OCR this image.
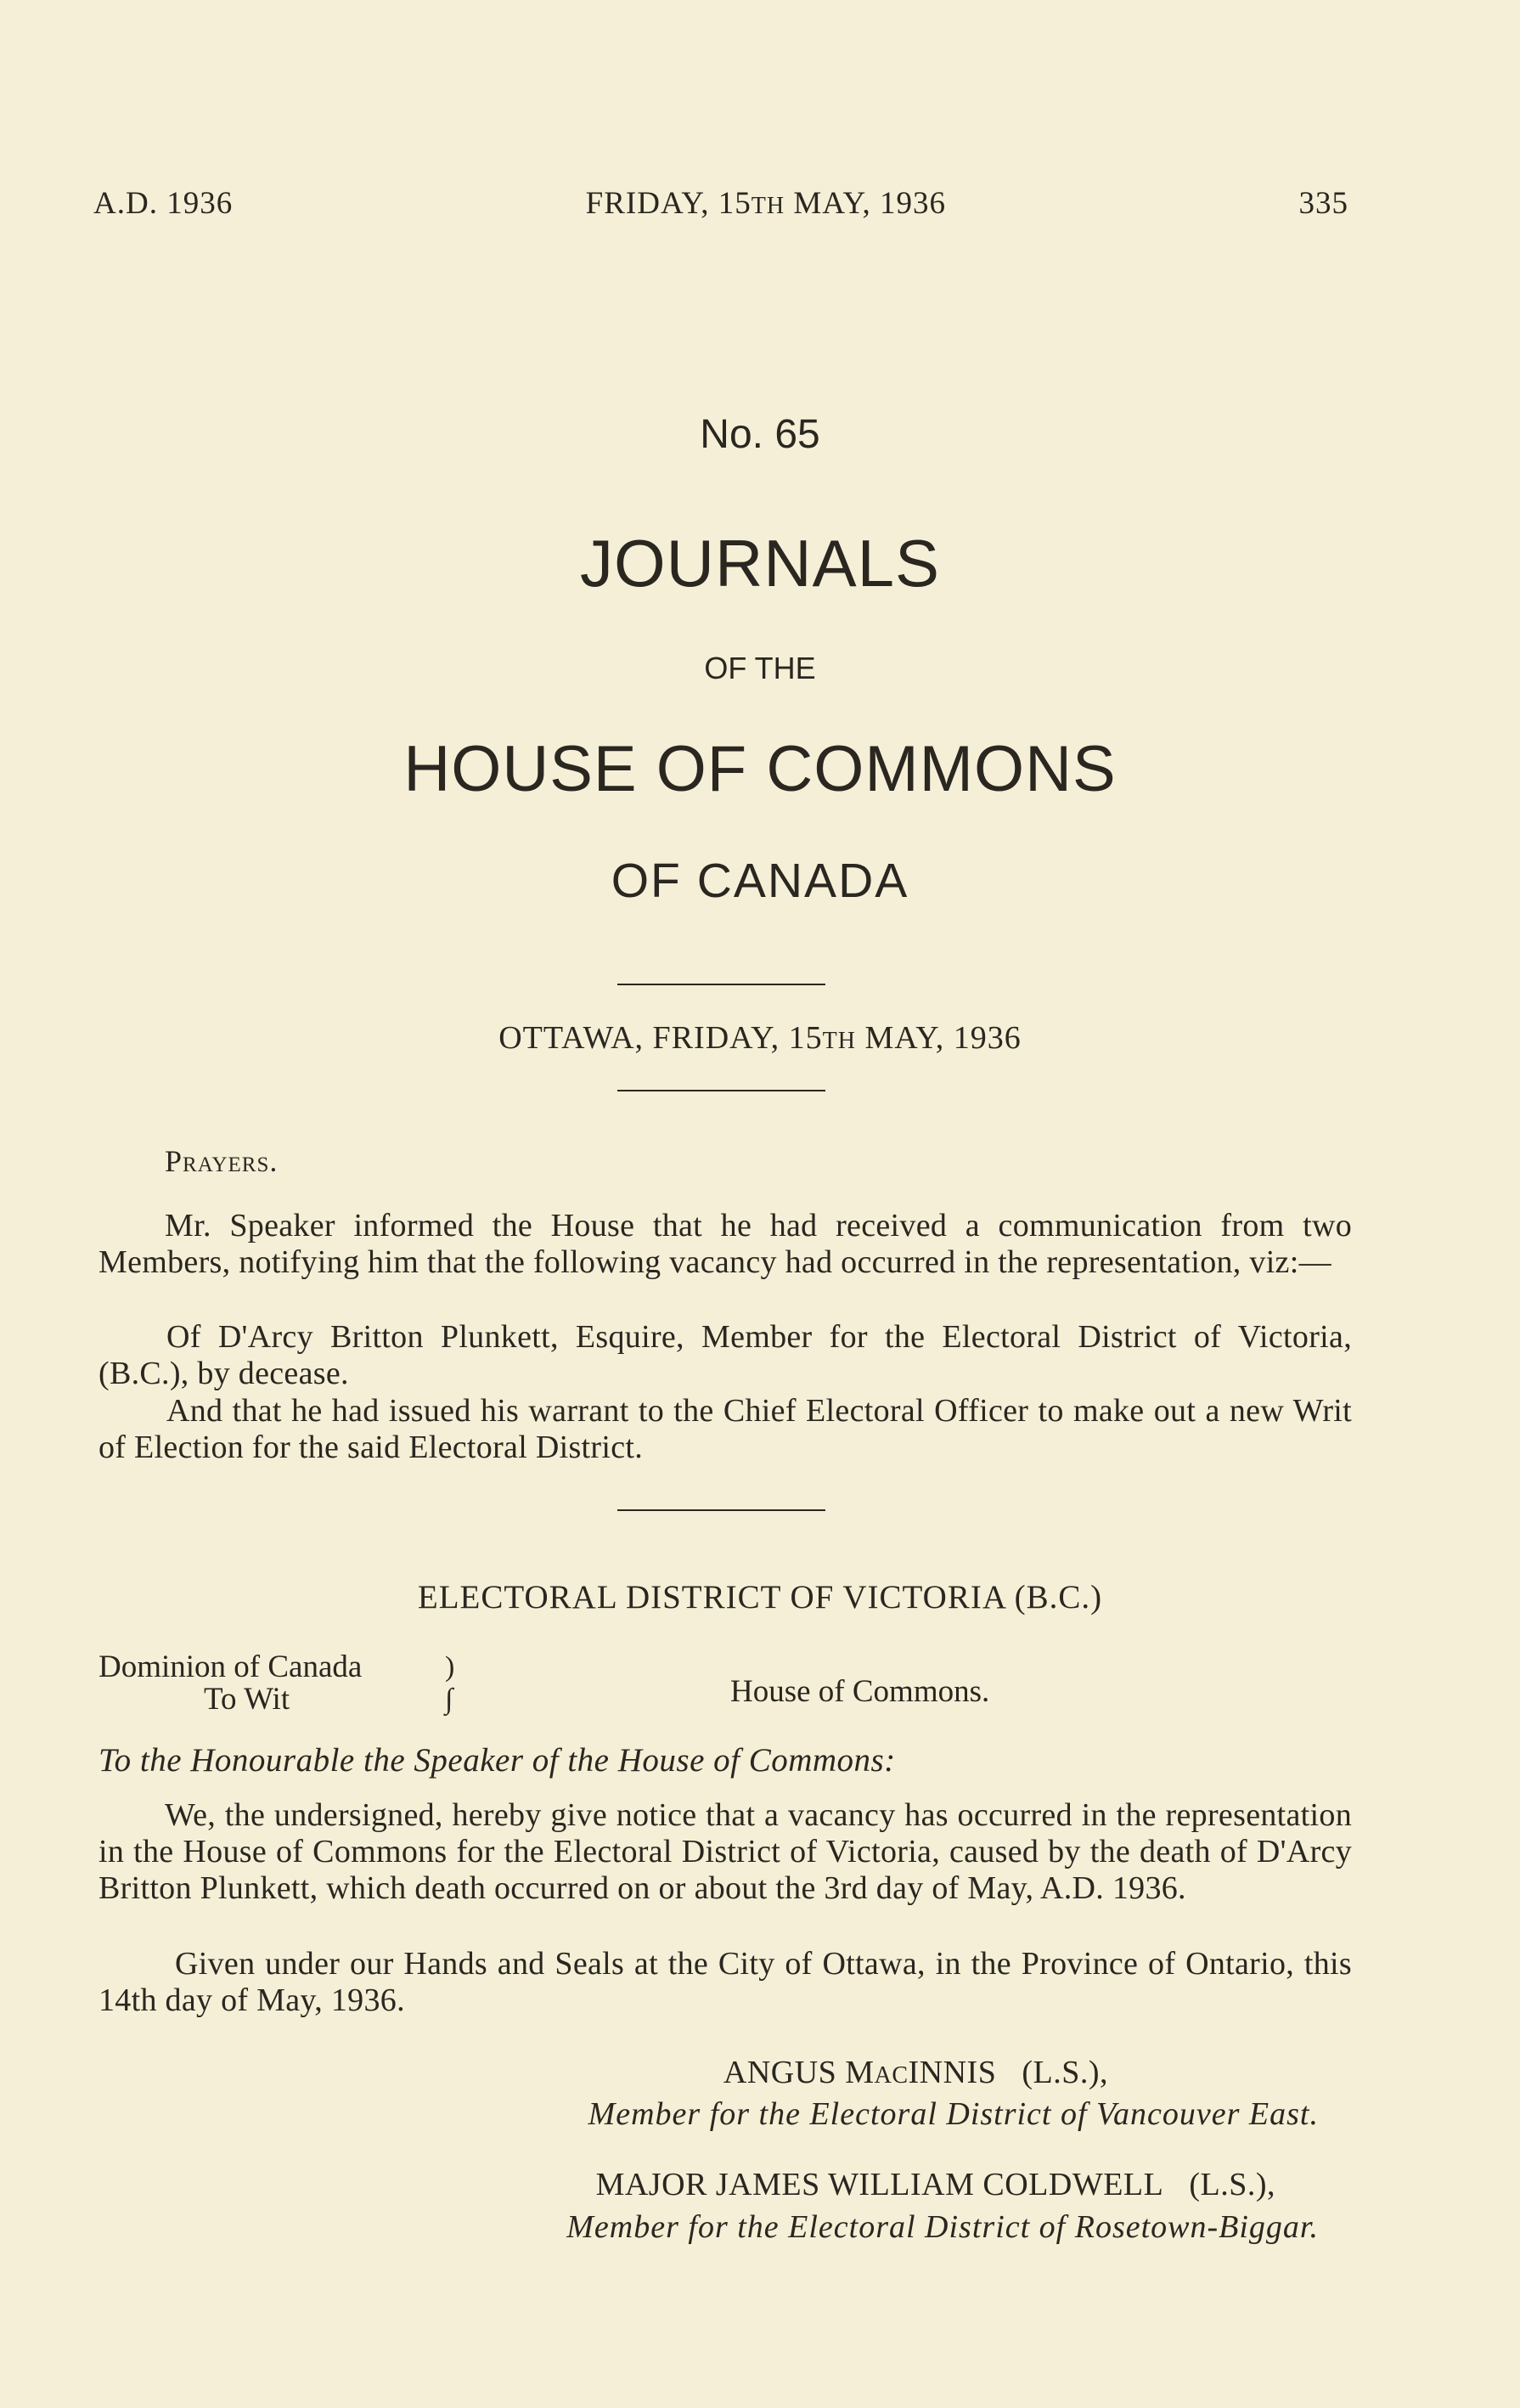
A.D. 1936	FRIDAY, 15TH MAY, 1936	335
No. 65
JOURNALS
OF THE
HOUSE OF COMMONS
OF CANADA
OTTAWA, FRIDAY, 15TH MAY, 1936
Prayers.
Mr. Speaker informed the House that he had received a communication from two Members, notifying him that the following vacancy had occurred in the representation, viz:—
Of D'Arcy Britton Plunkett, Esquire, Member for the Electoral District of Victoria, (B.C.), by decease.
And that he had issued his warrant to the Chief Electoral Officer to make out a new Writ of Election for the said Electoral District.
ELECTORAL DISTRICT OF VICTORIA (B.C.)
Dominion of Canada
To Wit
)
∫	House of Commons.
To the Honourable the Speaker of the House of Commons:
We, the undersigned, hereby give notice that a vacancy has occurred in the representation in the House of Commons for the Electoral District of Victoria, caused by the death of D'Arcy Britton Plunkett, which death occurred on or about the 3rd day of May, A.D. 1936.
Given under our Hands and Seals at the City of Ottawa, in the Province of Ontario, this 14th day of May, 1936.
ANGUS MACINNIS (L.S.),
Member for the Electoral District of Vancouver East.
MAJOR JAMES WILLIAM COLDWELL (L.S.),
Member for the Electoral District of Rosetown-Biggar.
